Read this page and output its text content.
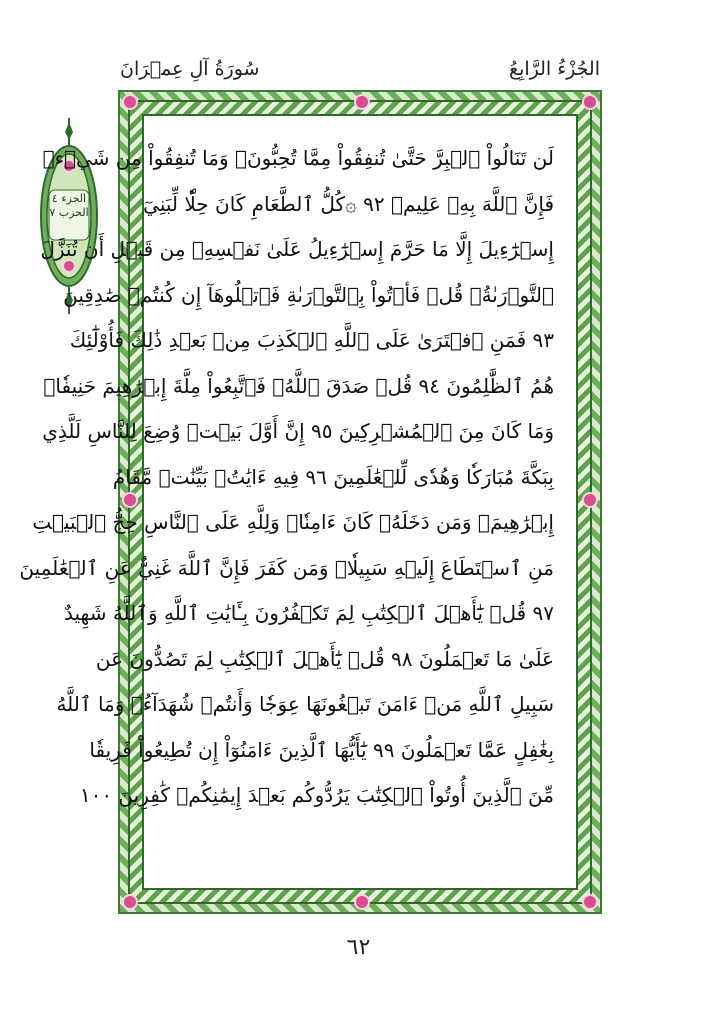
سُورَةُ آلِ عِمۡرَانَ	الجُزْءُ الرَّابِعُ
الجزء ٤
الحزب ٧
لَن تَنَالُواْ ٱلۡبِرَّ حَتَّىٰ تُنفِقُواْ مِمَّا تُحِبُّونَۚ وَمَا تُنفِقُواْ مِن شَيۡءٖ
فَإِنَّ ٱللَّهَ بِهِۦ عَلِيمٞ ٩٢ ۞كُلُّ ٱلطَّعَامِ كَانَ حِلّٗا لِّبَنِيٓ
إِسۡرَٰٓءِيلَ إِلَّا مَا حَرَّمَ إِسۡرَٰٓءِيلُ عَلَىٰ نَفۡسِهِۦ مِن قَبۡلِ أَن تُنَزَّلَ
ٱلتَّوۡرَىٰةُۚ قُلۡ فَأۡتُواْ بِٱلتَّوۡرَىٰةِ فَٱتۡلُوهَآ إِن كُنتُمۡ صَٰدِقِينَ
٩٣ فَمَنِ ٱفۡتَرَىٰ عَلَى ٱللَّهِ ٱلۡكَذِبَ مِنۢ بَعۡدِ ذَٰلِكَ فَأُوْلَٰٓئِكَ
هُمُ ٱلظَّٰلِمُونَ ٩٤ قُلۡ صَدَقَ ٱللَّهُۗ فَٱتَّبِعُواْ مِلَّةَ إِبۡرَٰهِيمَ حَنِيفٗاۖ
وَمَا كَانَ مِنَ ٱلۡمُشۡرِكِينَ ٩٥ إِنَّ أَوَّلَ بَيۡتٖ وُضِعَ لِلنَّاسِ لَلَّذِي
بِبَكَّةَ مُبَارَكٗا وَهُدٗى لِّلۡعَٰلَمِينَ ٩٦ فِيهِ ءَايَٰتُۢ بَيِّنَٰتٞ مَّقَامُ
إِبۡرَٰهِيمَۖ وَمَن دَخَلَهُۥ كَانَ ءَامِنٗاۗ وَلِلَّهِ عَلَى ٱلنَّاسِ حِجُّ ٱلۡبَيۡتِ
مَنِ ٱسۡتَطَاعَ إِلَيۡهِ سَبِيلٗاۚ وَمَن كَفَرَ فَإِنَّ ٱللَّهَ غَنِيٌّ عَنِ ٱلۡعَٰلَمِينَ
٩٧ قُلۡ يَٰٓأَهۡلَ ٱلۡكِتَٰبِ لِمَ تَكۡفُرُونَ بِـَٔايَٰتِ ٱللَّهِ وَٱللَّهُ شَهِيدٌ
عَلَىٰ مَا تَعۡمَلُونَ ٩٨ قُلۡ يَٰٓأَهۡلَ ٱلۡكِتَٰبِ لِمَ تَصُدُّونَ عَن
سَبِيلِ ٱللَّهِ مَنۡ ءَامَنَ تَبۡغُونَهَا عِوَجٗا وَأَنتُمۡ شُهَدَآءُۗ وَمَا ٱللَّهُ
بِغَٰفِلٍ عَمَّا تَعۡمَلُونَ ٩٩ يَٰٓأَيُّهَا ٱلَّذِينَ ءَامَنُوٓاْ إِن تُطِيعُواْ فَرِيقٗا
مِّنَ ٱلَّذِينَ أُوتُواْ ٱلۡكِتَٰبَ يَرُدُّوكُم بَعۡدَ إِيمَٰنِكُمۡ كَٰفِرِينَ ١٠٠
٦٢
